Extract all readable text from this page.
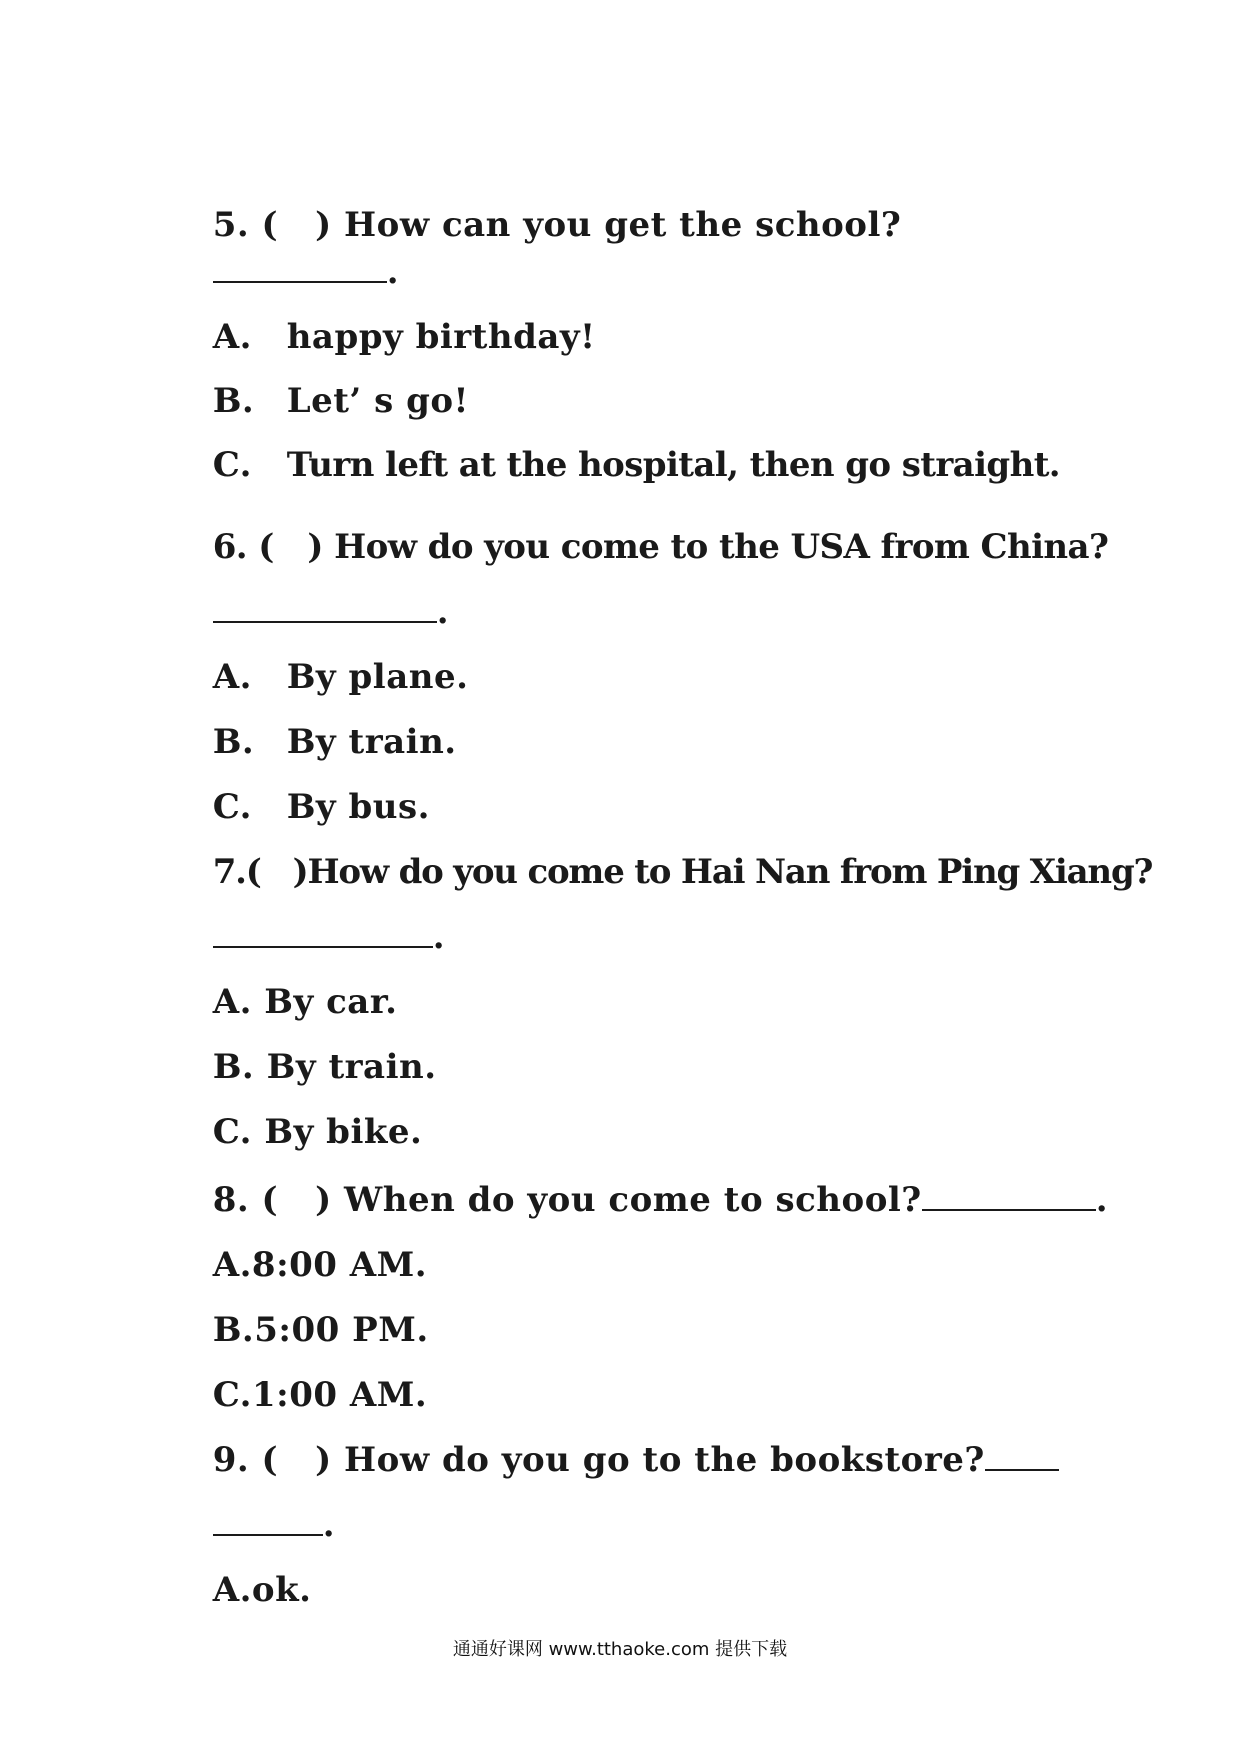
5. (   ) How can you get the school?

.

A. happy birthday!

B. Let’ s go!

C. Turn left at the hospital, then go straight.

6. (   ) How do you come to the USA from China?

.

A. By plane.

B. By train.

C. By bus.

7.(   )How do you come to Hai Nan from Ping Xiang?

.

A. By car.

B. By train.

C. By bike.

8. (   ) When do you come to school?	.

A.8:00 AM.

B.5:00 PM.

C.1:00 AM.

9. (   ) How do you go to the bookstore?

.

A.ok.

通通好课网 www.tthaoke.com 提供下载
